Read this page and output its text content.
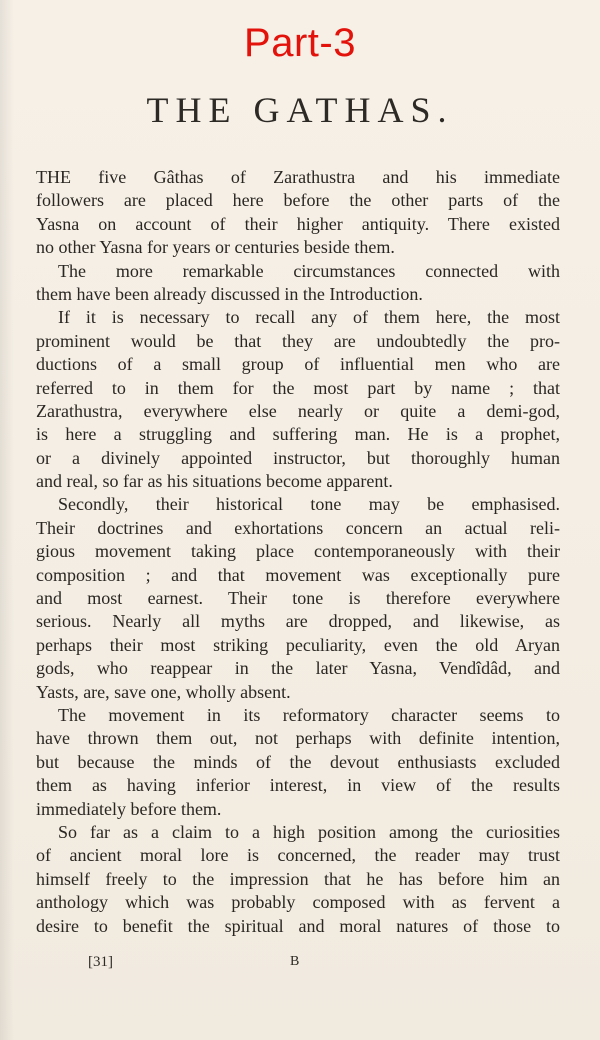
Part-3
THE GATHAS.
THE five Gâthas of Zarathustra and his immediate
followers are placed here before the other parts of the
Yasna on account of their higher antiquity. There existed
no other Yasna for years or centuries beside them.
The more remarkable circumstances connected with
them have been already discussed in the Introduction.
If it is necessary to recall any of them here, the most
prominent would be that they are undoubtedly the pro-
ductions of a small group of influential men who are
referred to in them for the most part by name ; that
Zarathustra, everywhere else nearly or quite a demi-god,
is here a struggling and suffering man. He is a prophet,
or a divinely appointed instructor, but thoroughly human
and real, so far as his situations become apparent.
Secondly, their historical tone may be emphasised.
Their doctrines and exhortations concern an actual reli-
gious movement taking place contemporaneously with their
composition ; and that movement was exceptionally pure
and most earnest. Their tone is therefore everywhere
serious. Nearly all myths are dropped, and likewise, as
perhaps their most striking peculiarity, even the old Aryan
gods, who reappear in the later Yasna, Vendîdâd, and
Yasts, are, save one, wholly absent.
The movement in its reformatory character seems to
have thrown them out, not perhaps with definite intention,
but because the minds of the devout enthusiasts excluded
them as having inferior interest, in view of the results
immediately before them.
So far as a claim to a high position among the curiosities
of ancient moral lore is concerned, the reader may trust
himself freely to the impression that he has before him an
anthology which was probably composed with as fervent a
desire to benefit the spiritual and moral natures of those to
[31]	B
